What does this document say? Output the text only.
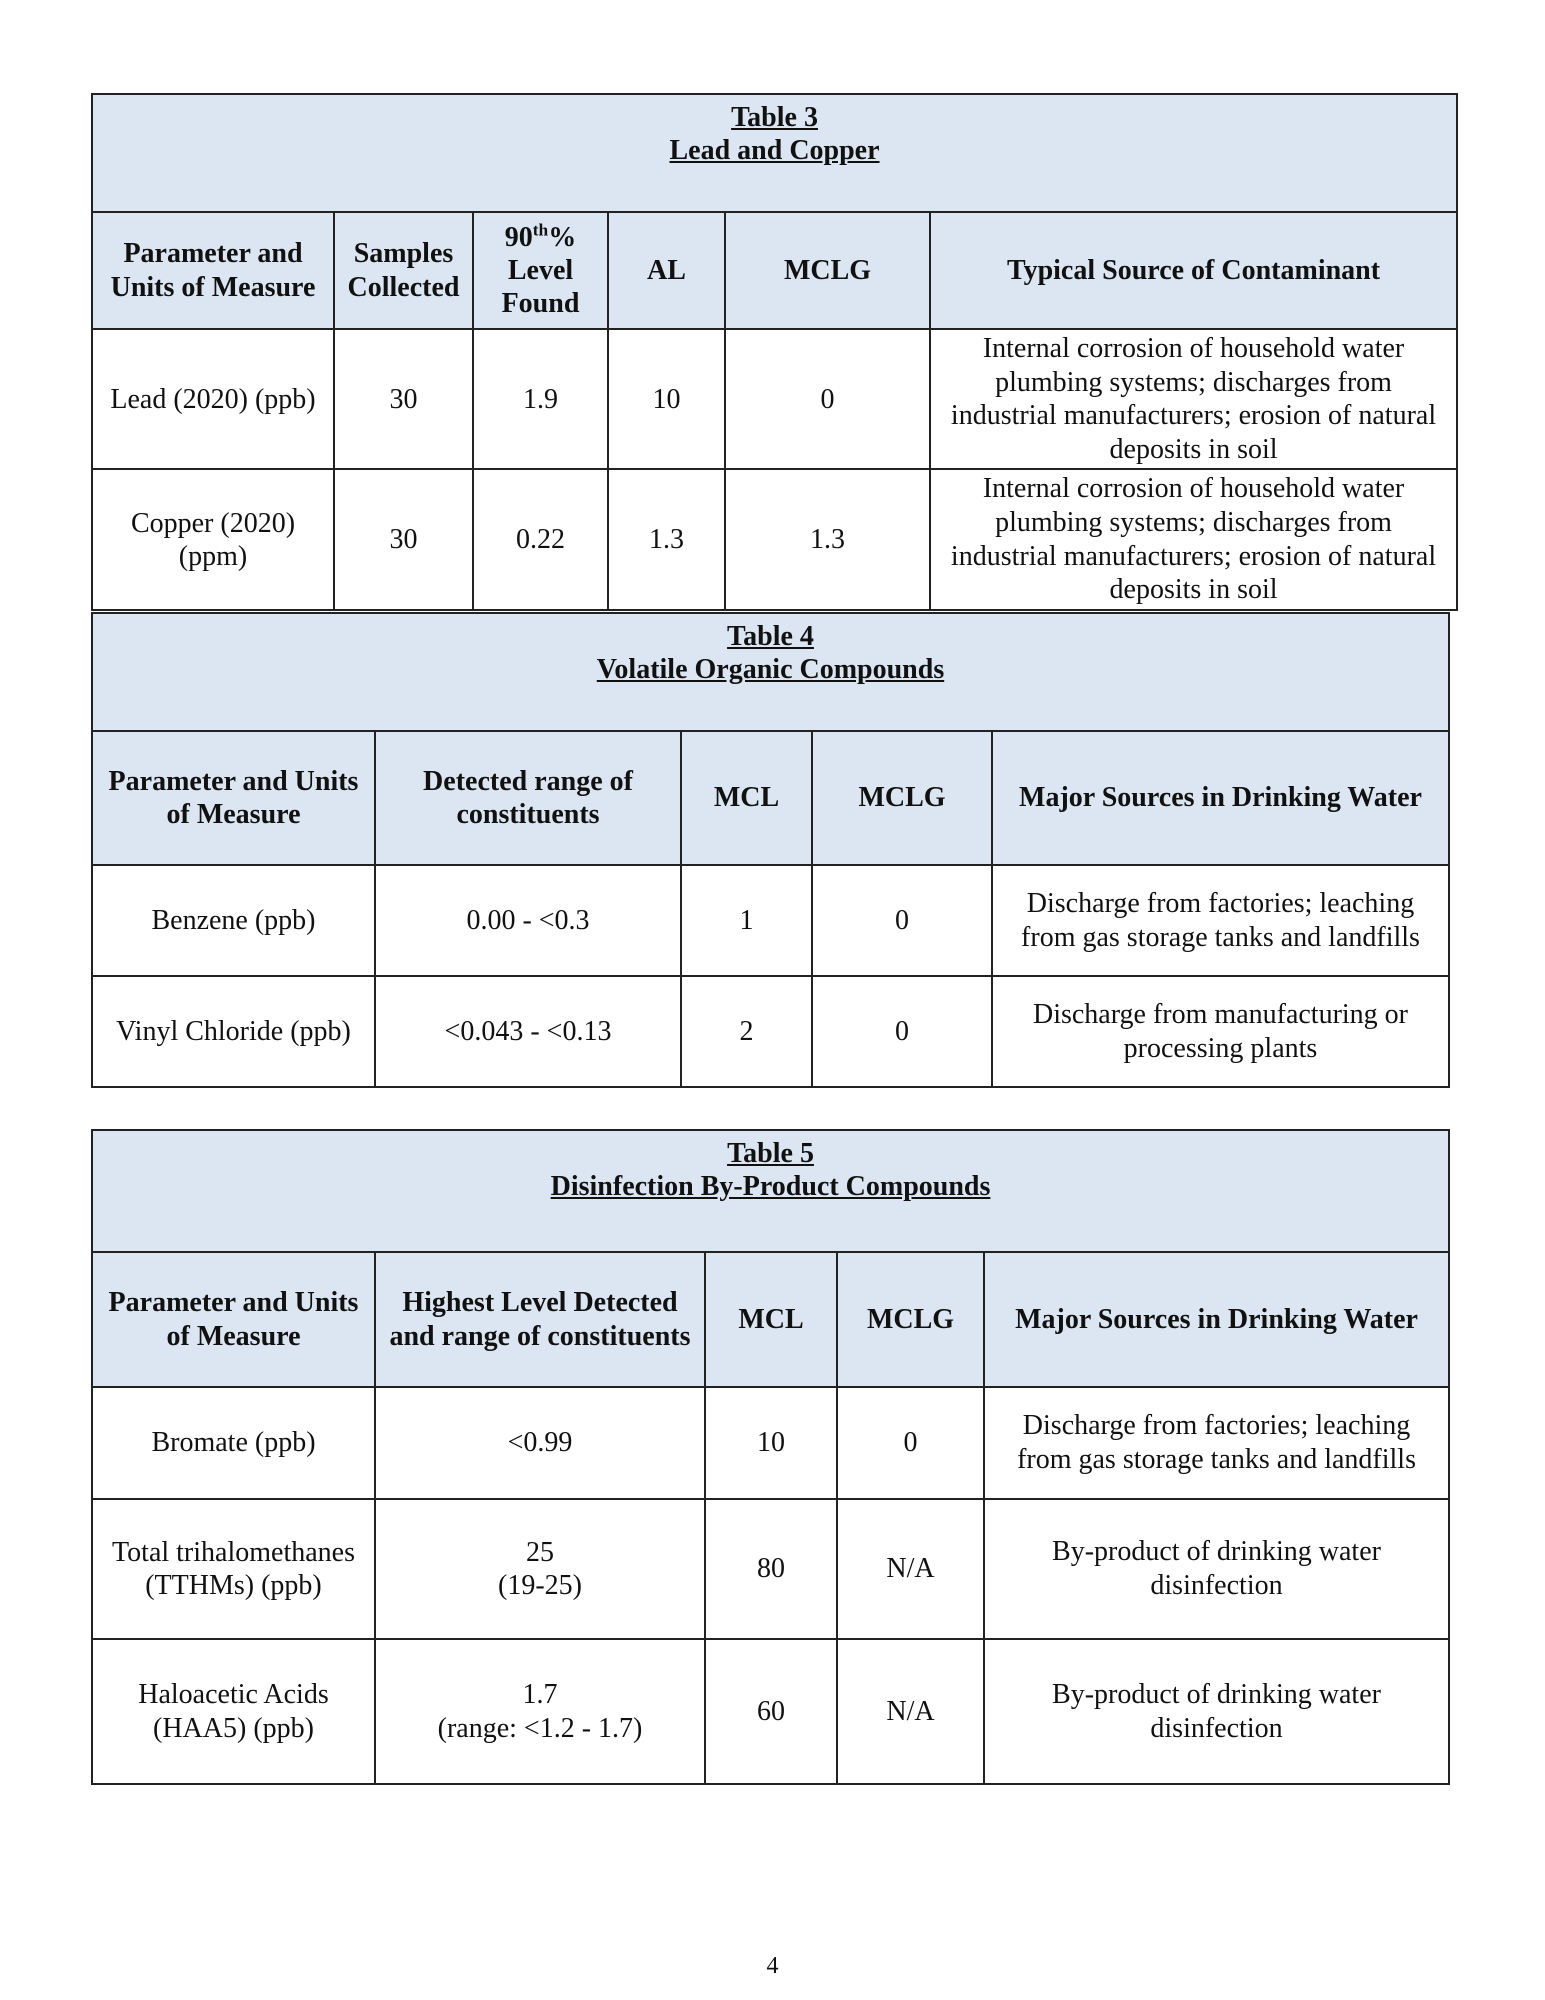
Table 3
Lead and Copper					

Parameter and Units of Measure	Samples Collected	90th% Level Found	AL	MCLG	Typical Source of Contaminant
Lead (2020) (ppb)	30	1.9	10	0	Internal corrosion of household water plumbing systems; discharges from industrial manufacturers; erosion of natural deposits in soil
Copper (2020) (ppm)	30	0.22	1.3	1.3	Internal corrosion of household water plumbing systems; discharges from industrial manufacturers; erosion of natural deposits in soil
Table 4
Volatile Organic Compounds				

Parameter and Units of Measure	Detected range of constituents	MCL	MCLG	Major Sources in Drinking Water
Benzene (ppb)	0.00 - <0.3	1	0	Discharge from factories; leaching from gas storage tanks and landfills
Vinyl Chloride (ppb)	<0.043 - <0.13	2	0	Discharge from manufacturing or processing plants
Table 5
Disinfection By-Product Compounds				

Parameter and Units of Measure	Highest Level Detected and range of constituents	MCL	MCLG	Major Sources in Drinking Water
Bromate (ppb)	<0.99	10	0	Discharge from factories; leaching from gas storage tanks and landfills
Total trihalomethanes (TTHMs) (ppb)	25
(19-25)	80	N/A	By-product of drinking water disinfection
Haloacetic Acids (HAA5) (ppb)	1.7
(range: <1.2 - 1.7)	60	N/A	By-product of drinking water disinfection
4
